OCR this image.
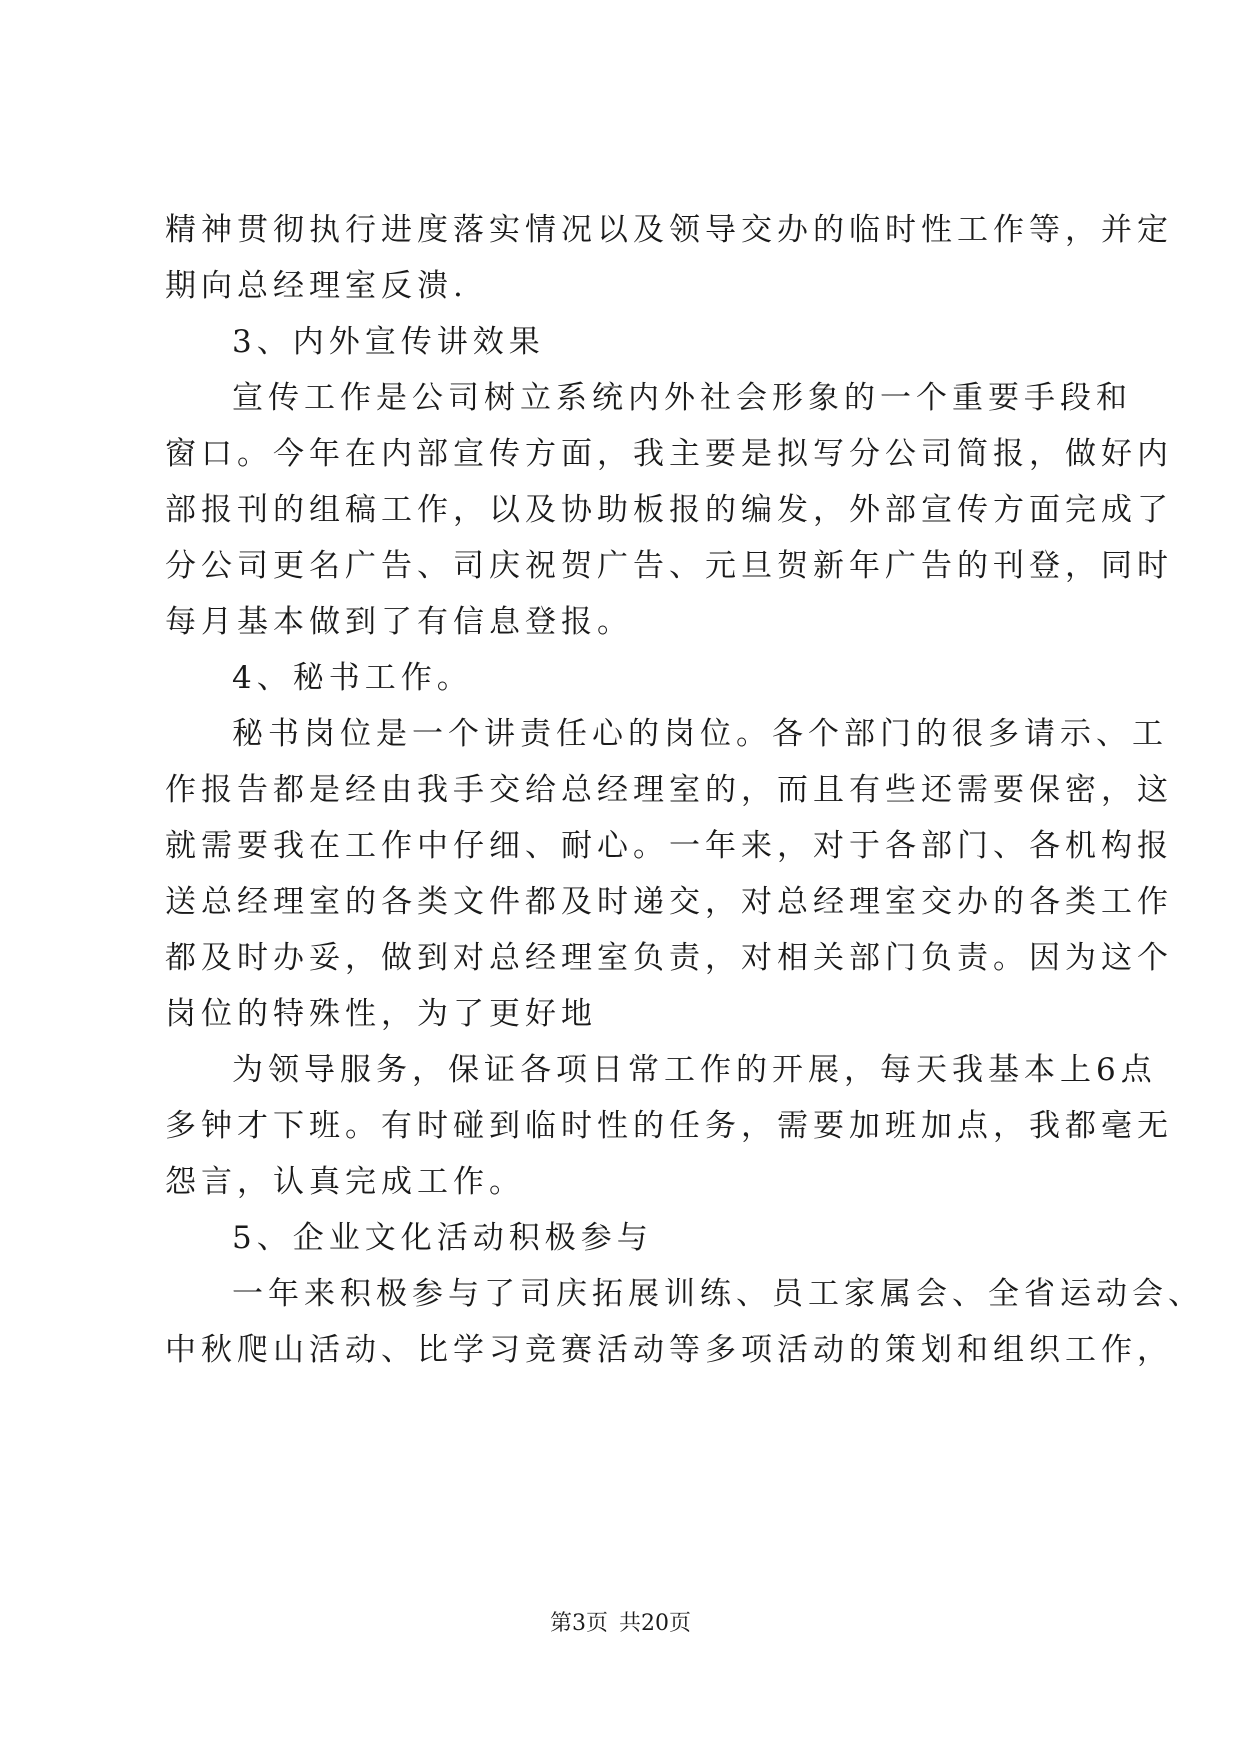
精神贯彻执行进度落实情况以及领导交办的临时性工作等，并定
期向总经理室反溃.
3、内外宣传讲效果
宣传工作是公司树立系统内外社会形象的一个重要手段和
窗口。今年在内部宣传方面，我主要是拟写分公司简报，做好内
部报刊的组稿工作，以及协助板报的编发，外部宣传方面完成了
分公司更名广告、司庆祝贺广告、元旦贺新年广告的刊登，同时
每月基本做到了有信息登报。
4、秘书工作。
秘书岗位是一个讲责任心的岗位。各个部门的很多请示、工
作报告都是经由我手交给总经理室的，而且有些还需要保密，这
就需要我在工作中仔细、耐心。一年来，对于各部门、各机构报
送总经理室的各类文件都及时递交，对总经理室交办的各类工作
都及时办妥，做到对总经理室负责，对相关部门负责。因为这个
岗位的特殊性，为了更好地
为领导服务，保证各项日常工作的开展，每天我基本上6点
多钟才下班。有时碰到临时性的任务，需要加班加点，我都毫无
怨言，认真完成工作。
5、企业文化活动积极参与
一年来积极参与了司庆拓展训练、员工家属会、全省运动会、
中秋爬山活动、比学习竞赛活动等多项活动的策划和组织工作，
第3页 共20页
